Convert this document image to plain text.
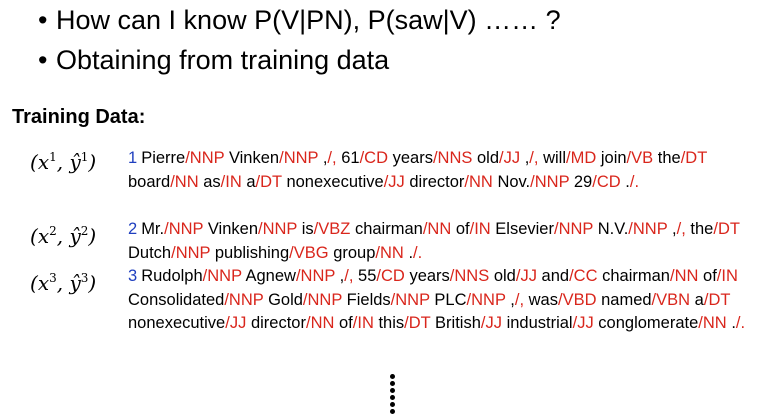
• How can I know P(V|PN), P(saw|V) …… ?
• Obtaining from training data
Training Data:
($x^1$, $ŷ^1$)
($x^2$, $ŷ^2$)
($x^3$, $ŷ^3$)
1 Pierre/NNP Vinken/NNP ,/, 61/CD years/NNS old/JJ ,/, will/MD join/VB the/DT board/NN as/IN a/DT nonexecutive/JJ director/NN Nov./NNP 29/CD ./.
2 Mr./NNP Vinken/NNP is/VBZ chairman/NN of/IN Elsevier/NNP N.V./NNP ,/, the/DT Dutch/NNP publishing/VBG group/NN ./.
3 Rudolph/NNP Agnew/NNP ,/, 55/CD years/NNS old/JJ and/CC chairman/NN of/IN Consolidated/NNP Gold/NNP Fields/NNP PLC/NNP ,/, was/VBD named/VBN a/DT nonexecutive/JJ director/NN of/IN this/DT British/JJ industrial/JJ conglomerate/NN ./.
